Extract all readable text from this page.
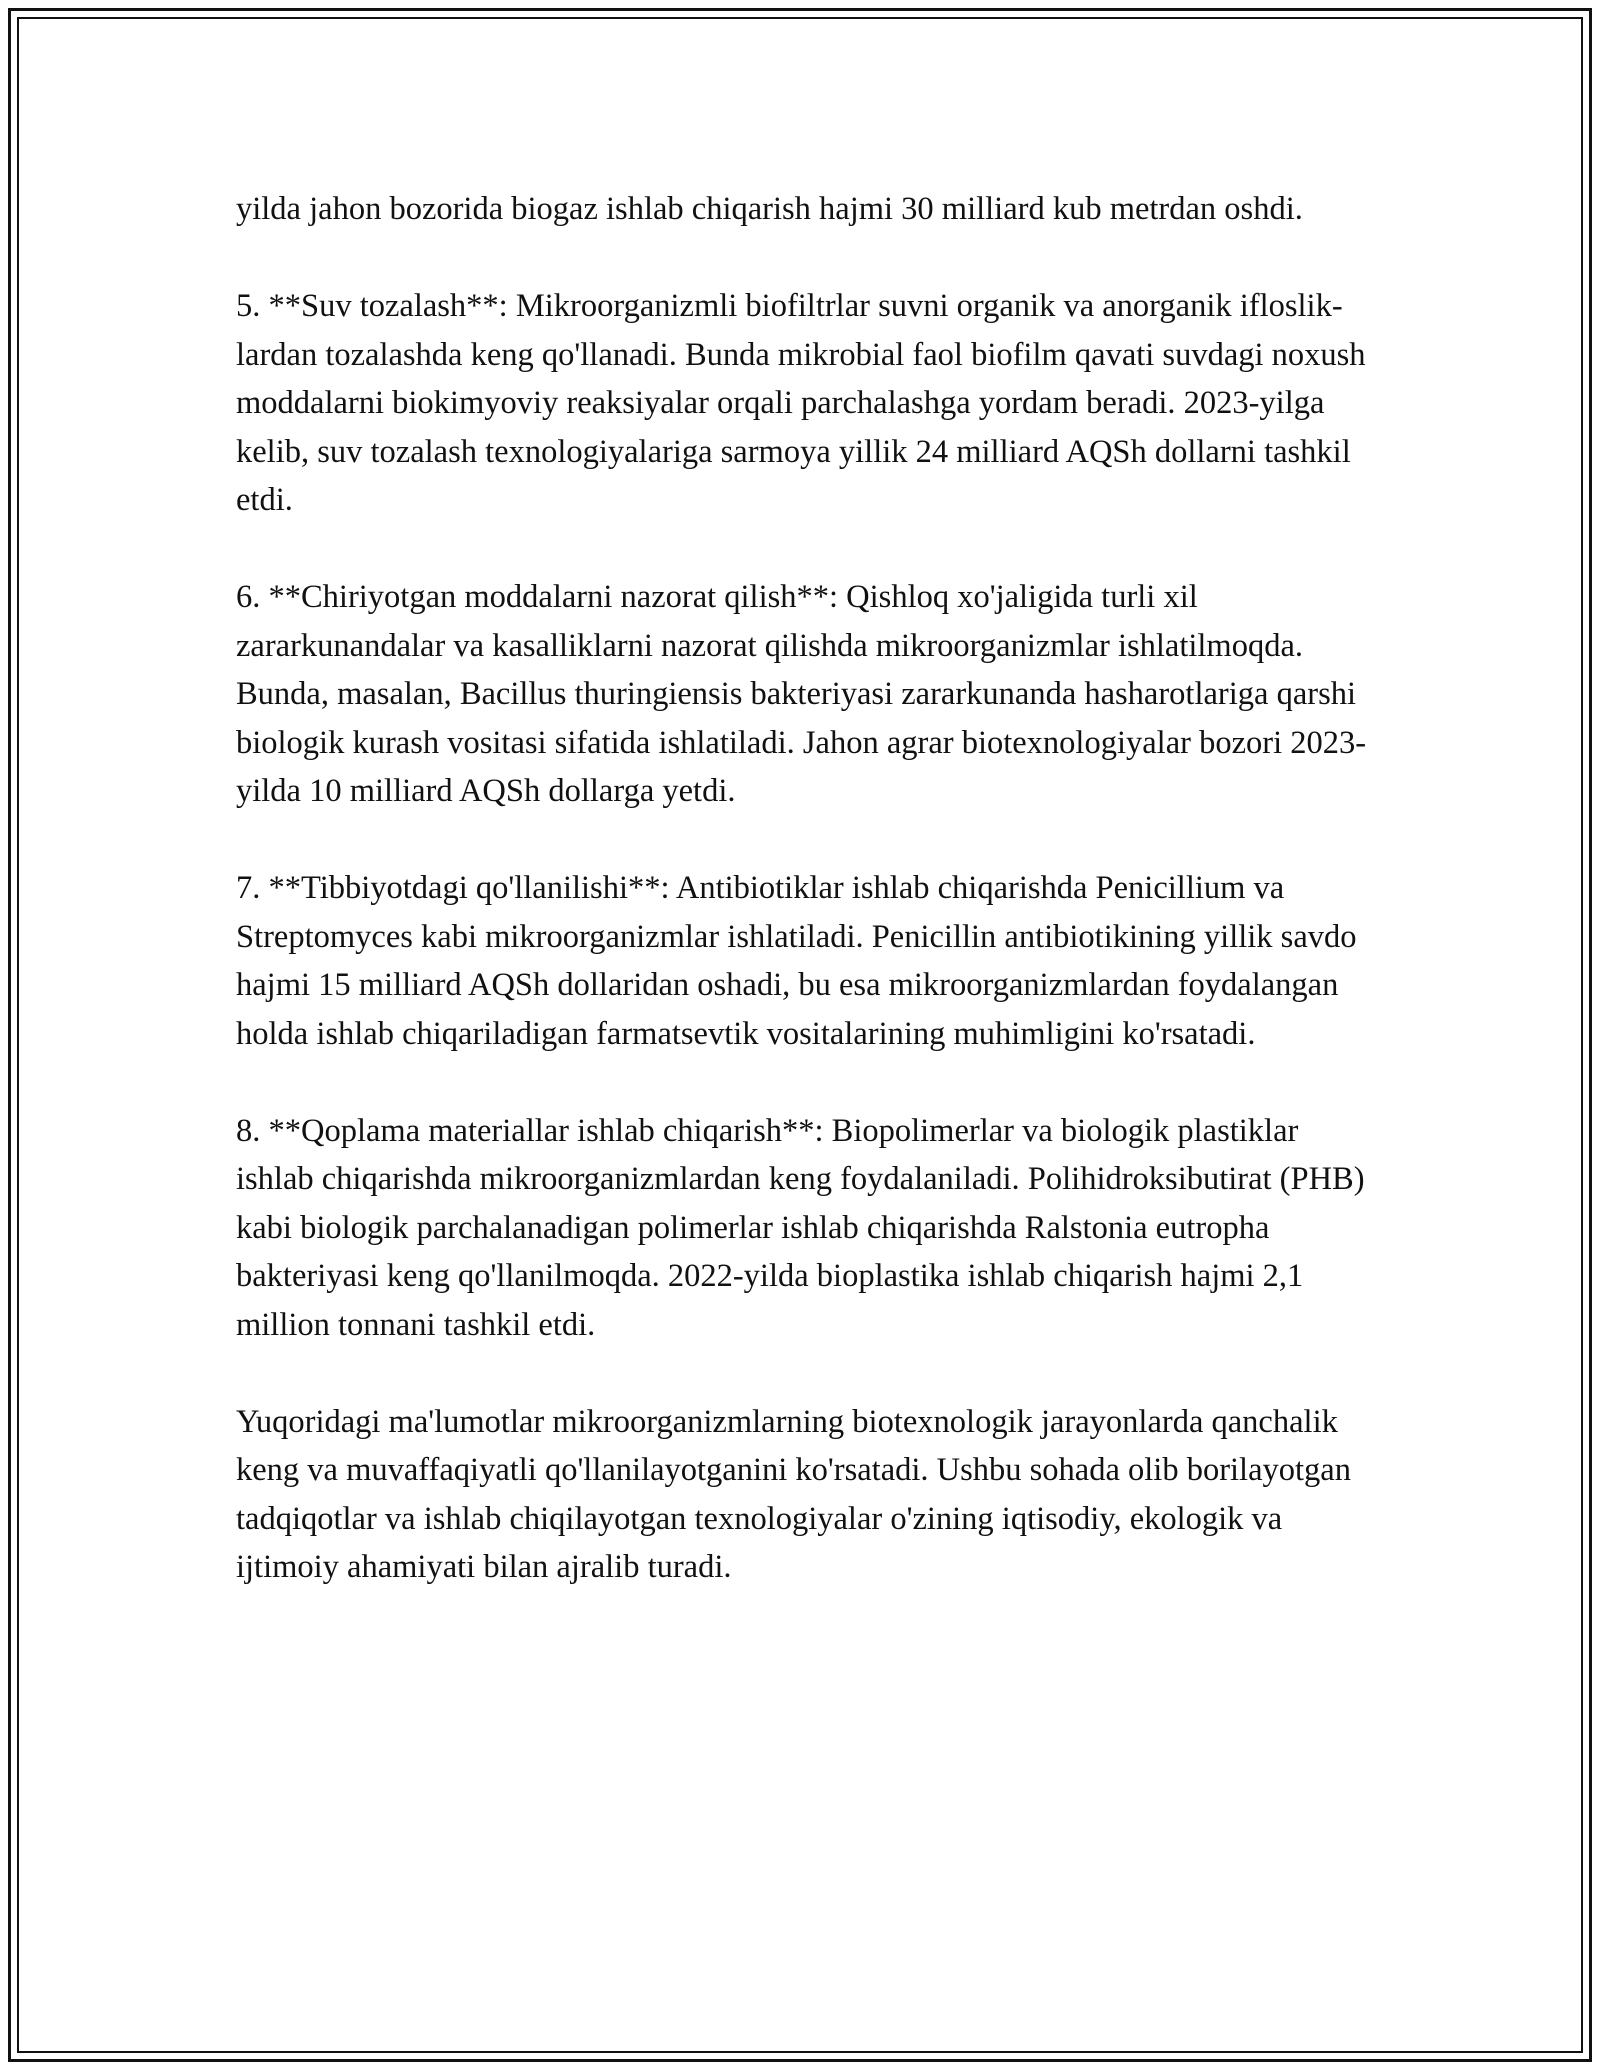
yilda jahon bozorida biogaz ishlab chiqarish hajmi 30 milliard kub metrdan oshdi.

5. **Suv tozalash**: Mikroorganizmli biofiltrlar suvni organik va anorganik iflosliklardan tozalashda keng qo'llanadi. Bunda mikrobial faol biofilm qavati suvdagi noxush moddalarni biokimyoviy reaksiyalar orqali parchalashga yordam beradi. 2023-yilga kelib, suv tozalash texnologiyalariga sarmoya yillik 24 milliard AQSh dollarni tashkil etdi.

6. **Chiriyotgan moddalarni nazorat qilish**: Qishloq xo'jaligida turli xil zararkunandalar va kasalliklarni nazorat qilishda mikroorganizmlar ishlatilmoqda. Bunda, masalan, Bacillus thuringiensis bakteriyasi zararkunanda hasharotlariga qarshi biologik kurash vositasi sifatida ishlatiladi. Jahon agrar biotexnologiyalar bozori 2023-yilda 10 milliard AQSh dollarga yetdi.

7. **Tibbiyotdagi qo'llanilishi**: Antibiotiklar ishlab chiqarishda Penicillium va Streptomyces kabi mikroorganizmlar ishlatiladi. Penicillin antibiotikining yillik savdo hajmi 15 milliard AQSh dollaridan oshadi, bu esa mikroorganizmlardan foydalangan holda ishlab chiqariladigan farmatsevtik vositalarining muhimligini ko'rsatadi.

8. **Qoplama materiallar ishlab chiqarish**: Biopolimerlar va biologik plastiklar ishlab chiqarishda mikroorganizmlardan keng foydalaniladi. Polihidroksibutirat (PHB) kabi biologik parchalanadigan polimerlar ishlab chiqarishda Ralstonia eutropha bakteriyasi keng qo'llanilmoqda. 2022-yilda bioplastika ishlab chiqarish hajmi 2,1 million tonnani tashkil etdi.

Yuqoridagi ma'lumotlar mikroorganizmlarning biotexnologik jarayonlarda qanchalik keng va muvaffaqiyatli qo'llanilayotganini ko'rsatadi. Ushbu sohada olib borilayotgan tadqiqotlar va ishlab chiqilayotgan texnologiyalar o'zining iqtisodiy, ekologik va ijtimoiy ahamiyati bilan ajralib turadi.
